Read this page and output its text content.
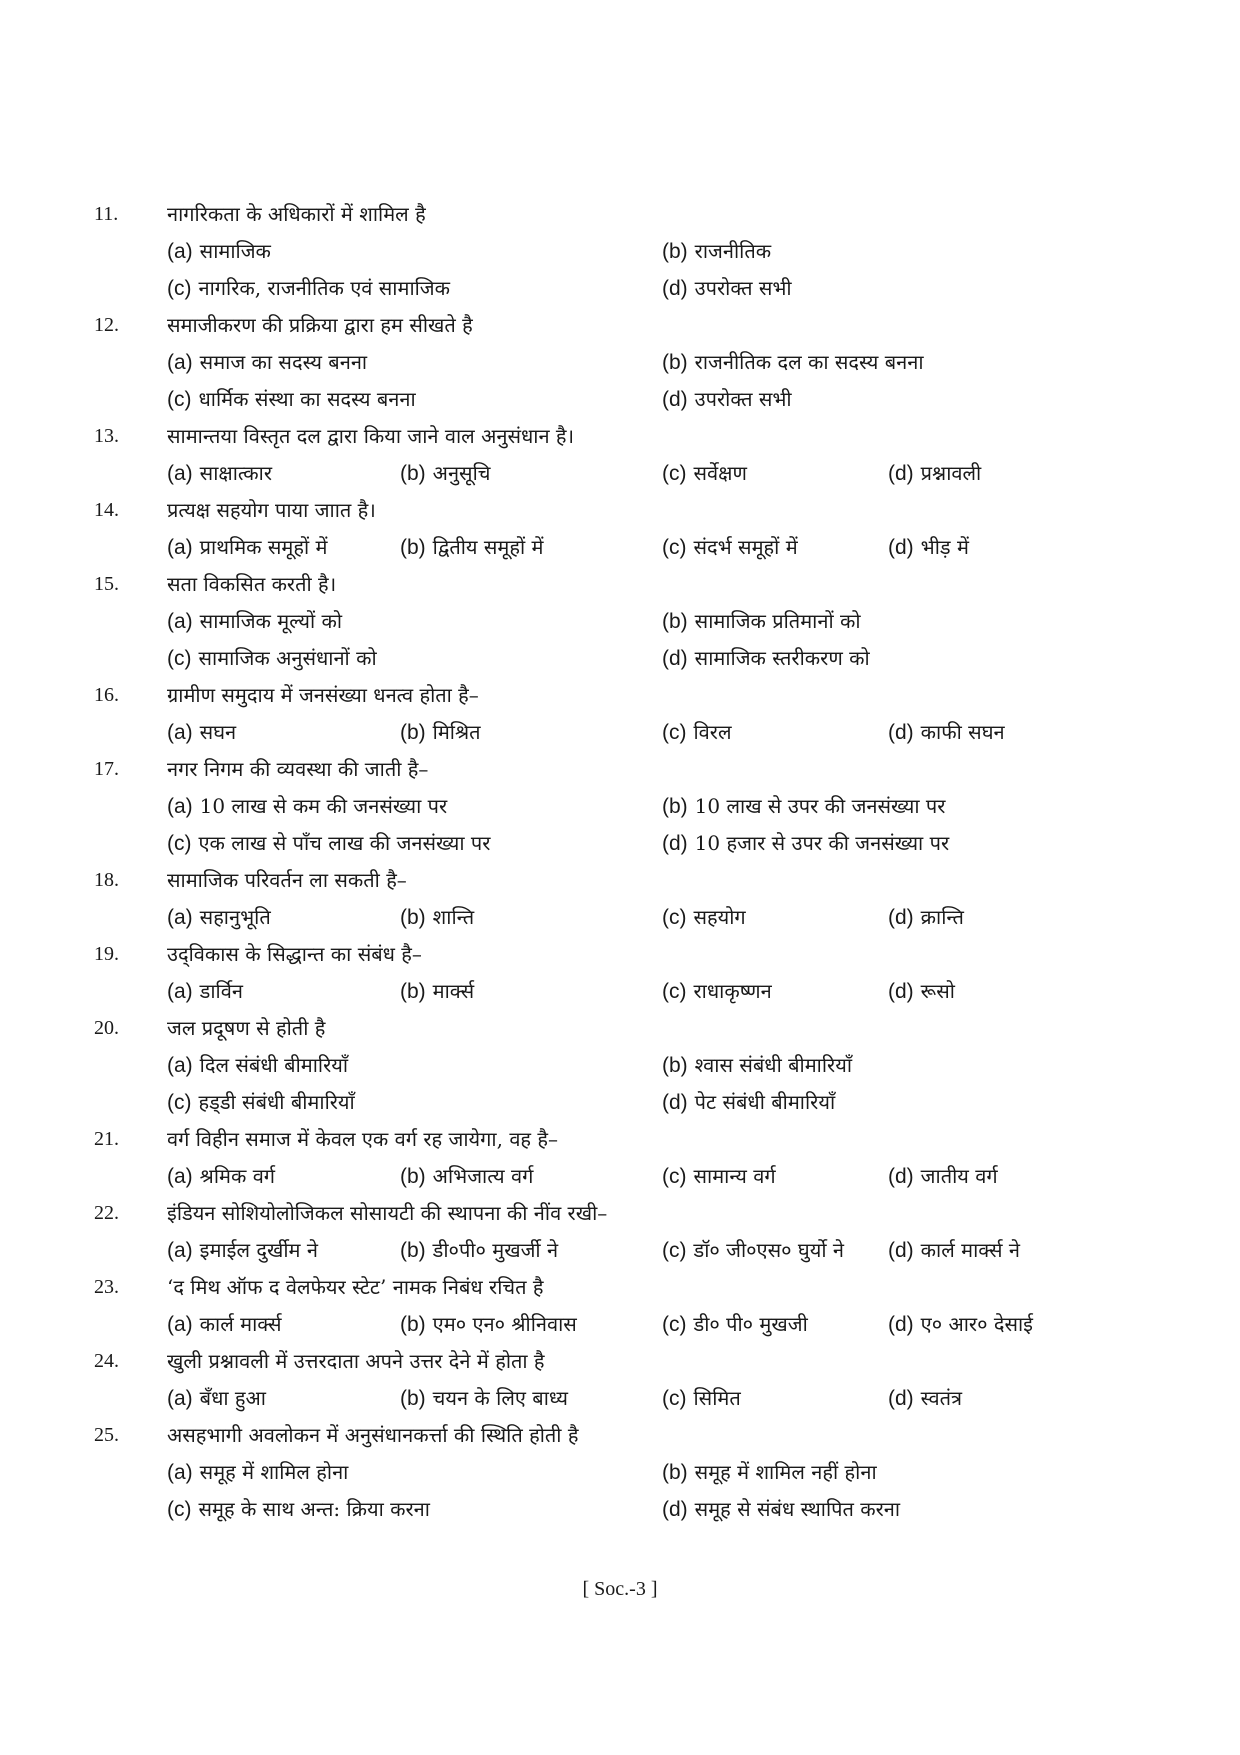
11.	नागरिकता के अधिकारों में शामिल है
(a) सामाजिक	(b) राजनीतिक
(c) नागरिक, राजनीतिक एवं सामाजिक	(d) उपरोक्त सभी
12.	समाजीकरण की प्रक्रिया द्वारा हम सीखते है
(a) समाज का सदस्य बनना	(b) राजनीतिक दल का सदस्य बनना
(c) धार्मिक संस्था का सदस्य बनना	(d) उपरोक्त सभी
13.	सामान्तया विस्तृत दल द्वारा किया जाने वाल अनुसंधान है।
(a) साक्षात्कार	(b) अनुसूचि	(c) सर्वेक्षण	(d) प्रश्नावली
14.	प्रत्यक्ष सहयोग पाया जाात है।
(a) प्राथमिक समूहों में	(b) द्वितीय समूहों में	(c) संदर्भ समूहों में	(d) भीड़ में
15.	सता विकसित करती है।
(a) सामाजिक मूल्यों को	(b) सामाजिक प्रतिमानों को
(c) सामाजिक अनुसंधानों को	(d) सामाजिक स्तरीकरण को
16.	ग्रामीण समुदाय में जनसंख्या धनत्व होता है–
(a) सघन	(b) मिश्रित	(c) विरल	(d) काफी सघन
17.	नगर निगम की व्यवस्था की जाती है–
(a) 10 लाख से कम की जनसंख्या पर	(b) 10 लाख से उपर की जनसंख्या पर
(c) एक लाख से पाँच लाख की जनसंख्या पर	(d) 10 हजार से उपर की जनसंख्या पर
18.	सामाजिक परिवर्तन ला सकती है–
(a) सहानुभूति	(b) शान्ति	(c) सहयोग	(d) क्रान्ति
19.	उद्‌विकास के सिद्धान्त का संबंध है–
(a) डार्विन	(b) मार्क्स	(c) राधाकृष्णन	(d) रूसो
20.	जल प्रदूषण से होती है
(a) दिल संबंधी बीमारियाँ	(b) श्वास संबंधी बीमारियाँ
(c) हड्‌डी संबंधी बीमारियाँ	(d) पेट संबंधी बीमारियाँ
21.	वर्ग विहीन समाज में केवल एक वर्ग रह जायेगा, वह है–
(a) श्रमिक वर्ग	(b) अभिजात्य वर्ग	(c) सामान्य वर्ग	(d) जातीय वर्ग
22.	इंडियन सोशियोलोजिकल सोसायटी की स्थापना की नींव रखी–
(a) इमाईल दुर्खीम ने	(b) डी०पी० मुखर्जी ने	(c) डॉ० जी०एस० घुर्यो ने (d) कार्ल मार्क्स ने
23.	‘द मिथ ऑफ द वेलफेयर स्टेट’ नामक निबंध रचित है
(a) कार्ल मार्क्स	(b) एम० एन० श्रीनिवास	(c) डी० पी० मुखजी	(d) ए० आर० देसाई
24.	खुली प्रश्नावली में उत्तरदाता अपने उत्तर देने में होता है
(a) बँधा हुआ	(b) चयन के लिए बाध्य	(c) सिमित	(d) स्वतंत्र
25.	असहभागी अवलोकन में अनुसंधानकर्त्ता की स्थिति होती है
(a) समूह में शामिल होना	(b) समूह में शामिल नहीं होना
(c) समूह के साथ अन्त: क्रिया करना	(d) समूह से संबंध स्थापित करना
[ Soc.-3 ]
